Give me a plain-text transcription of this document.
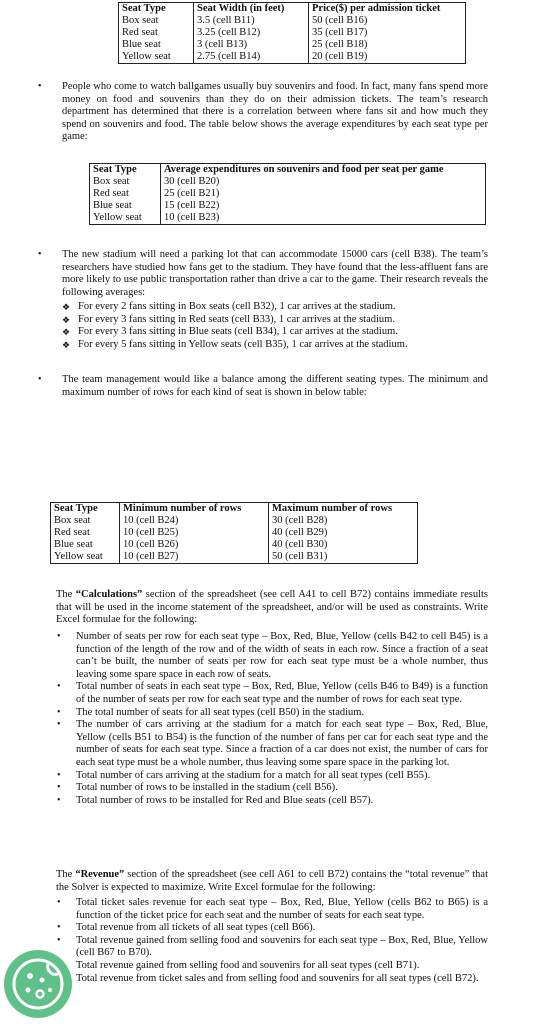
Seat Type	Seat Width (in feet)	Price($) per admission ticket
Box seat	3.5 (cell B11)	50 (cell B16)
Red seat	3.25 (cell B12)	35 (cell B17)
Blue seat	3 (cell B13)	25 (cell B18)
Yellow seat	2.75 (cell B14)	20 (cell B19)
• People who come to watch ballgames usually buy souvenirs and food. In fact, many fans spend more money on food and souvenirs than they do on their admission tickets. The team’s research department has determined that there is a correlation between where fans sit and how much they spend on souvenirs and food. The table below shows the average expenditures by each seat type per game:
Seat Type	Average expenditures on souvenirs and food per seat per game
Box seat	30 (cell B20)
Red seat	25 (cell B21)
Blue seat	15 (cell B22)
Yellow seat	10 (cell B23)
• The new stadium will need a parking lot that can accommodate 15000 cars (cell B38). The team’s researchers have studied how fans get to the stadium. They have found that the less-affluent fans are more likely to use public transportation rather than drive a car to the game. Their research reveals the following averages:
❖ For every 2 fans sitting in Box seats (cell B32), 1 car arrives at the stadium.
❖ For every 3 fans sitting in Red seats (cell B33), 1 car arrives at the stadium.
❖ For every 3 fans sitting in Blue seats (cell B34), 1 car arrives at the stadium.
❖ For every 5 fans sitting in Yellow seats (cell B35), 1 car arrives at the stadium.
• The team management would like a balance among the different seating types. The minimum and maximum number of rows for each kind of seat is shown in below table:
Seat Type	Minimum number of rows	Maximum number of rows
Box seat	10 (cell B24)	30 (cell B28)
Red seat	10 (cell B25)	40 (cell B29)
Blue seat	10 (cell B26)	40 (cell B30)
Yellow seat	10 (cell B27)	50 (cell B31)
The “Calculations” section of the spreadsheet (see cell A41 to cell B72) contains immediate results that will be used in the income statement of the spreadsheet, and/or will be used as constraints. Write Excel formulae for the following:
• Number of seats per row for each seat type – Box, Red, Blue, Yellow (cells B42 to cell B45) is a function of the length of the row and of the width of seats in each row. Since a fraction of a seat can’t be built, the number of seats per row for each seat type must be a whole number, thus leaving some spare space in each row of seats.
• Total number of seats in each seat type – Box, Red, Blue, Yellow (cells B46 to B49) is a function of the number of seats per row for each seat type and the number of rows for each seat type.
• The total number of seats for all seat types (cell B50) in the stadium.
• The number of cars arriving at the stadium for a match for each seat type – Box, Red, Blue, Yellow (cells B51 to B54) is the function of the number of fans per car for each seat type and the number of seats for each seat type. Since a fraction of a car does not exist, the number of cars for each seat type must be a whole number, thus leaving some spare space in the parking lot.
• Total number of cars arriving at the stadium for a match for all seat types (cell B55).
• Total number of rows to be installed in the stadium (cell B56).
• Total number of rows to be installed for Red and Blue seats (cell B57).
The “Revenue” section of the spreadsheet (see cell A61 to cell B72) contains the “total revenue” that the Solver is expected to maximize. Write Excel formulae for the following:
• Total ticket sales revenue for each seat type – Box, Red, Blue, Yellow (cells B62 to B65) is a function of the ticket price for each seat and the number of seats for each seat type.
• Total revenue from all tickets of all seat types (cell B66).
• Total revenue gained from selling food and souvenirs for each seat type – Box, Red, Blue, Yellow (cell B67 to B70).
Total revenue gained from selling food and souvenirs for all seat types (cell B71).
Total revenue from ticket sales and from selling food and souvenirs for all seat types (cell B72).
